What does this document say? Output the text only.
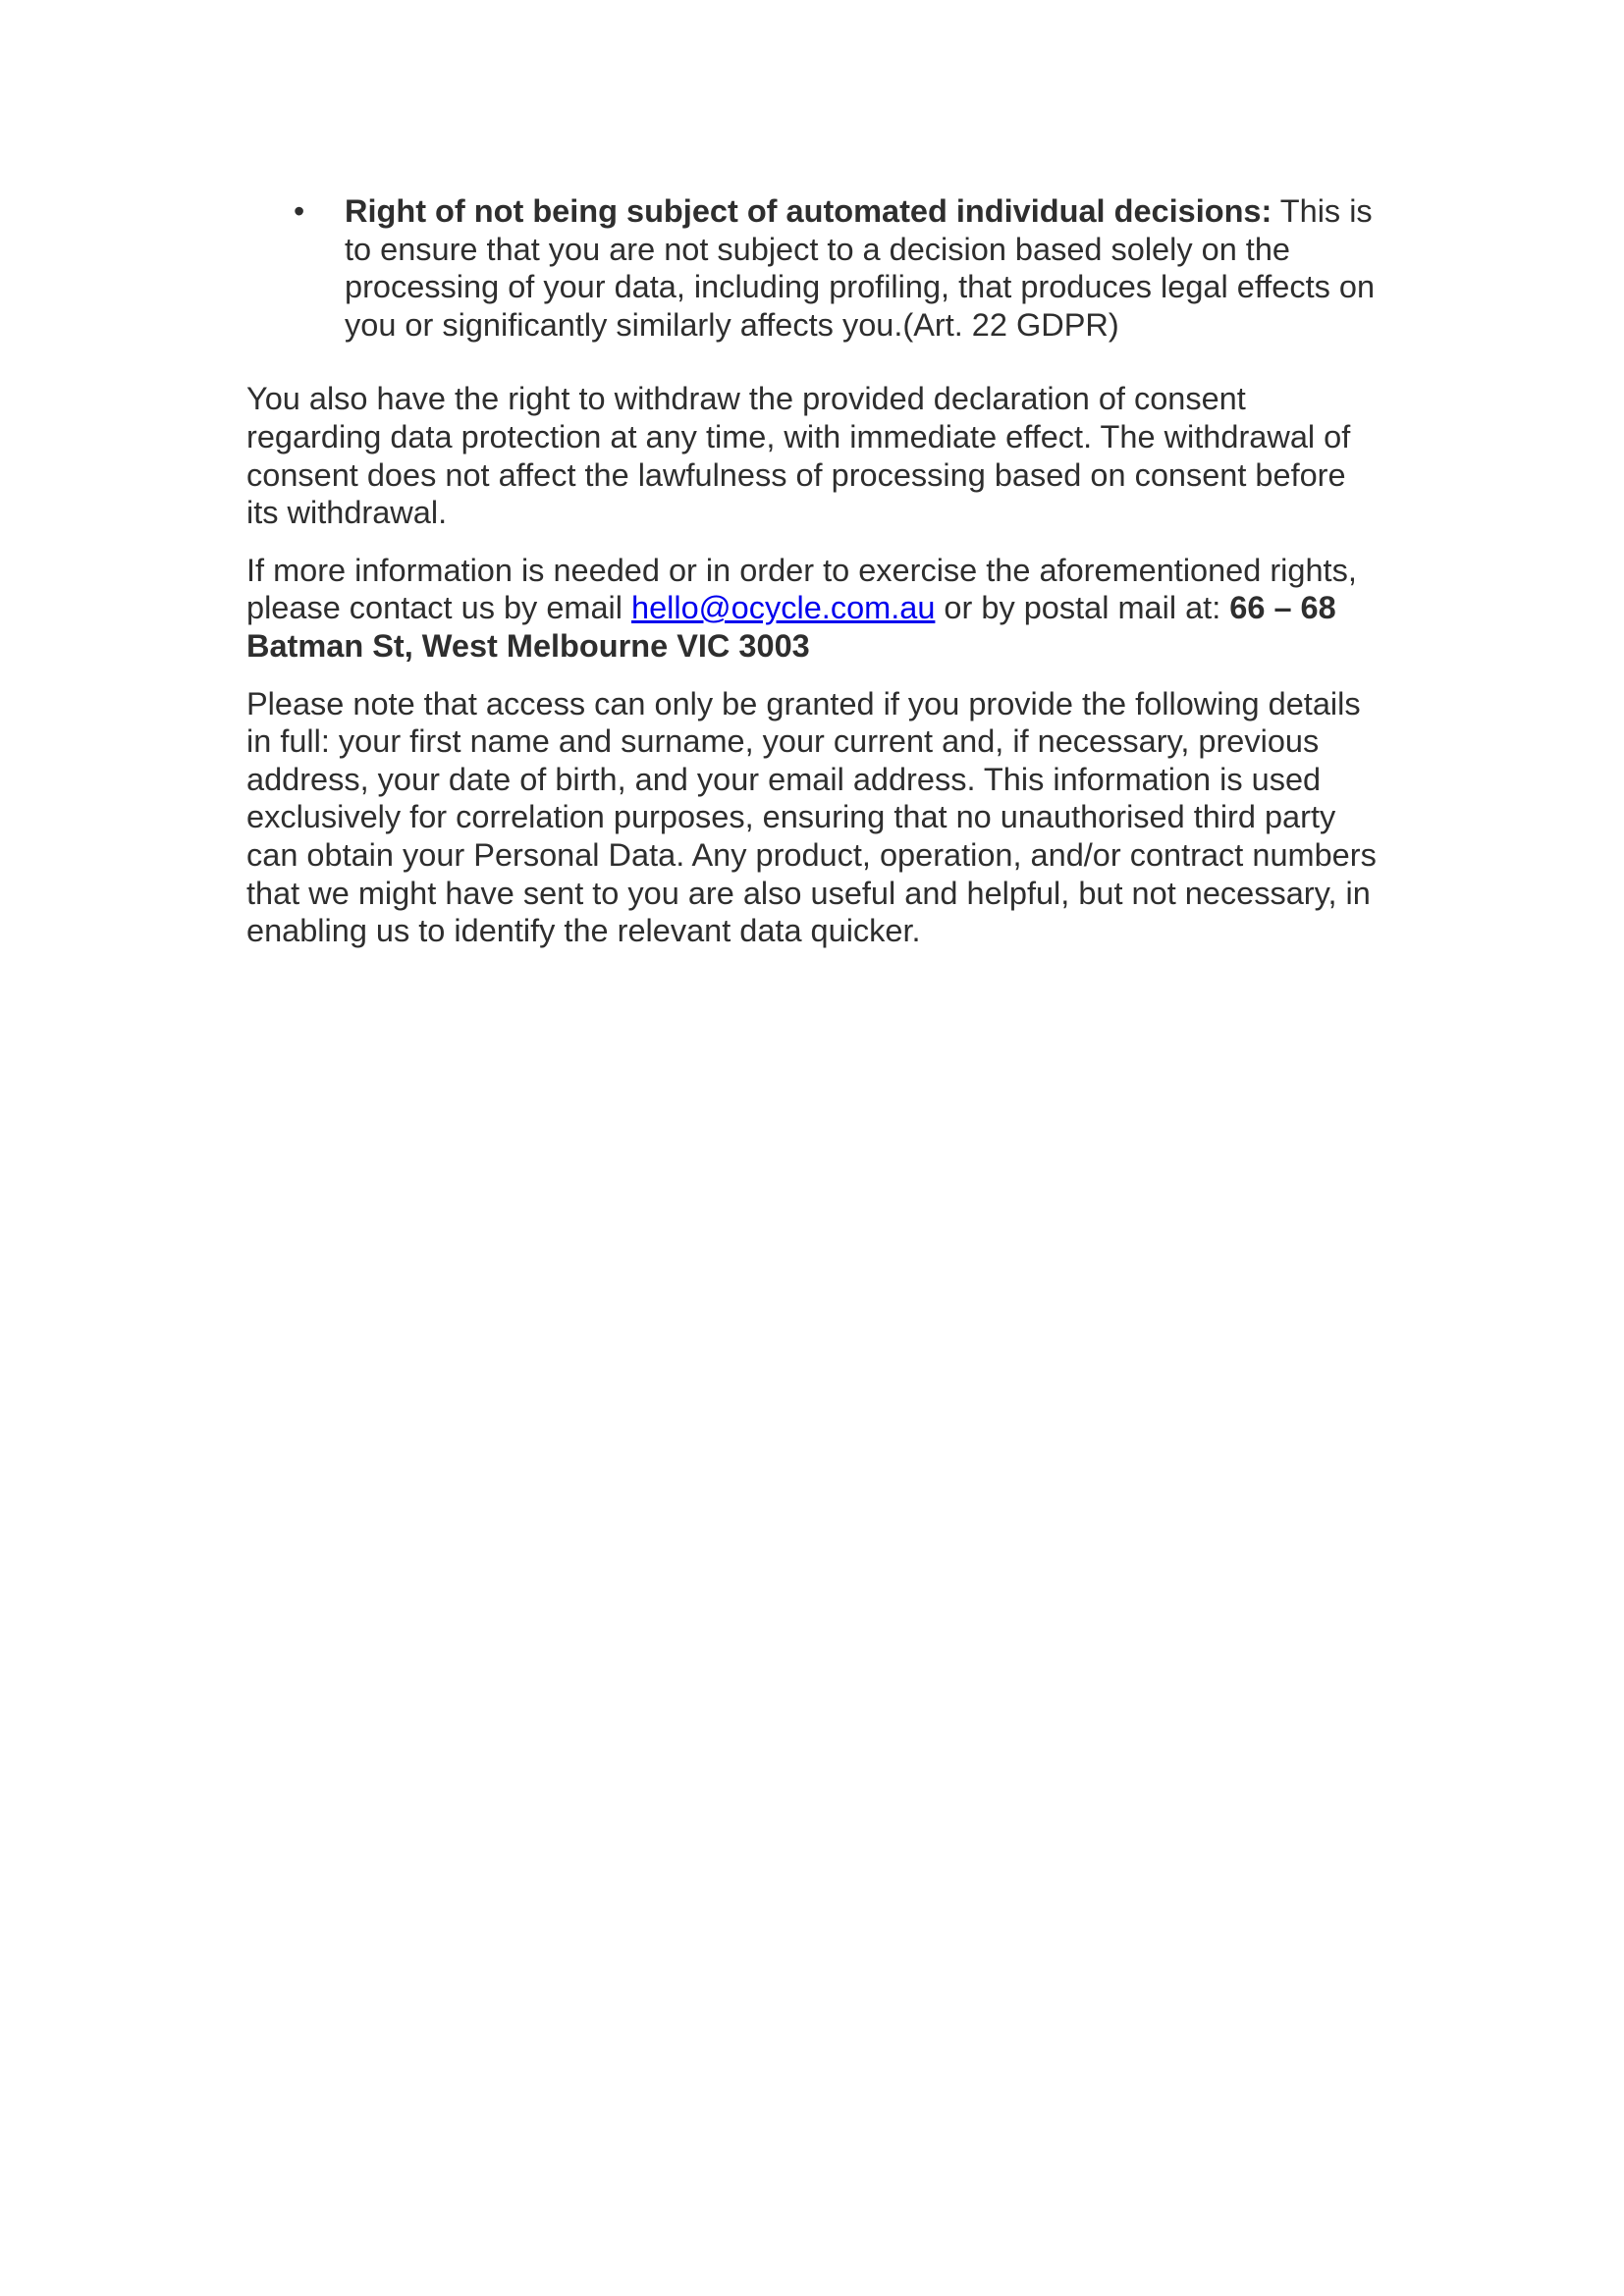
• Right of not being subject of automated individual decisions: This is to ensure that you are not subject to a decision based solely on the processing of your data, including profiling, that produces legal effects on you or significantly similarly affects you.(Art. 22 GDPR)

You also have the right to withdraw the provided declaration of consent regarding data protection at any time, with immediate effect. The withdrawal of consent does not affect the lawfulness of processing based on consent before its withdrawal.

If more information is needed or in order to exercise the aforementioned rights, please contact us by email hello@ocycle.com.au or by postal mail at: 66 – 68 Batman St, West Melbourne VIC 3003

Please note that access can only be granted if you provide the following details in full: your first name and surname, your current and, if necessary, previous address, your date of birth, and your email address. This information is used exclusively for correlation purposes, ensuring that no unauthorised third party can obtain your Personal Data. Any product, operation, and/or contract numbers that we might have sent to you are also useful and helpful, but not necessary, in enabling us to identify the relevant data quicker.
